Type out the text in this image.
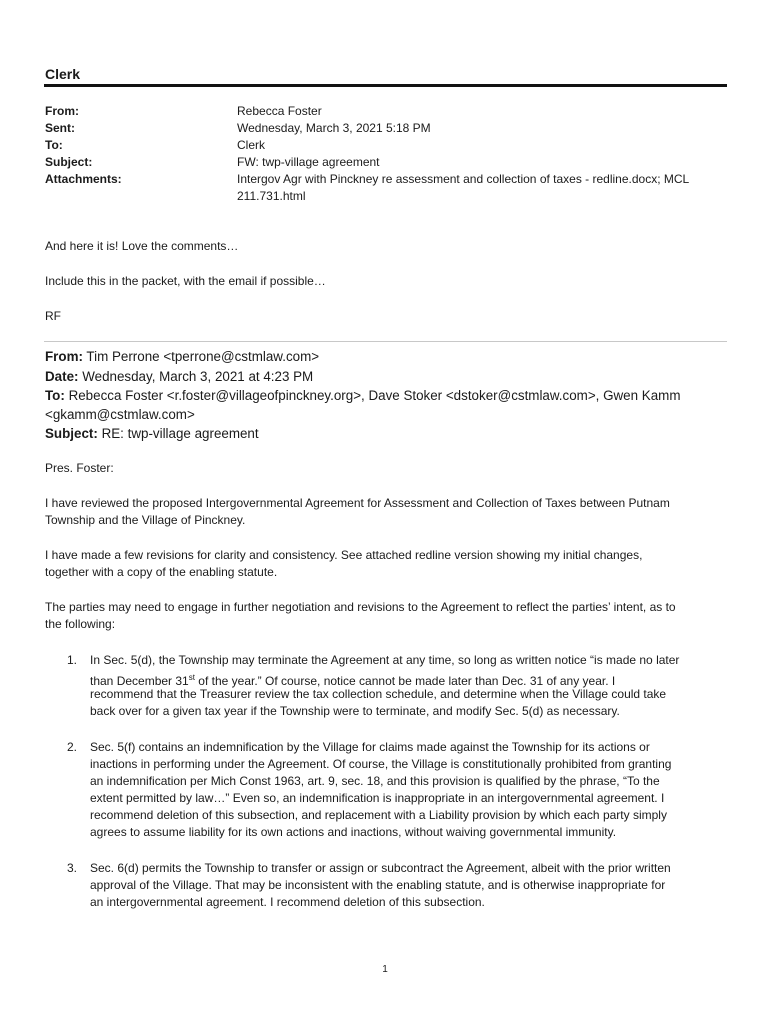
Clerk
From:	Rebecca Foster
Sent:	Wednesday, March 3, 2021 5:18 PM
To:	Clerk
Subject:	FW: twp-village agreement
Attachments:	Intergov Agr with Pinckney re assessment and collection of taxes - redline.docx; MCL
211.731.html
And here it is! Love the comments…
Include this in the packet, with the email if possible…
RF
From: Tim Perrone <tperrone@cstmlaw.com>
Date: Wednesday, March 3, 2021 at 4:23 PM
To: Rebecca Foster <r.foster@villageofpinckney.org>, Dave Stoker <dstoker@cstmlaw.com>, Gwen Kamm
<gkamm@cstmlaw.com>
Subject: RE: twp-village agreement
Pres. Foster:
I have reviewed the proposed Intergovernmental Agreement for Assessment and Collection of Taxes between Putnam
Township and the Village of Pinckney.
I have made a few revisions for clarity and consistency. See attached redline version showing my initial changes,
together with a copy of the enabling statute.
The parties may need to engage in further negotiation and revisions to the Agreement to reflect the parties’ intent, as to
the following:
1. In Sec. 5(d), the Township may terminate the Agreement at any time, so long as written notice “is made no later
than December 31st of the year.” Of course, notice cannot be made later than Dec. 31 of any year. I
recommend that the Treasurer review the tax collection schedule, and determine when the Village could take
back over for a given tax year if the Township were to terminate, and modify Sec. 5(d) as necessary.
2. Sec. 5(f) contains an indemnification by the Village for claims made against the Township for its actions or
inactions in performing under the Agreement. Of course, the Village is constitutionally prohibited from granting
an indemnification per Mich Const 1963, art. 9, sec. 18, and this provision is qualified by the phrase, “To the
extent permitted by law…” Even so, an indemnification is inappropriate in an intergovernmental agreement. I
recommend deletion of this subsection, and replacement with a Liability provision by which each party simply
agrees to assume liability for its own actions and inactions, without waiving governmental immunity.
3. Sec. 6(d) permits the Township to transfer or assign or subcontract the Agreement, albeit with the prior written
approval of the Village. That may be inconsistent with the enabling statute, and is otherwise inappropriate for
an intergovernmental agreement. I recommend deletion of this subsection.
1
